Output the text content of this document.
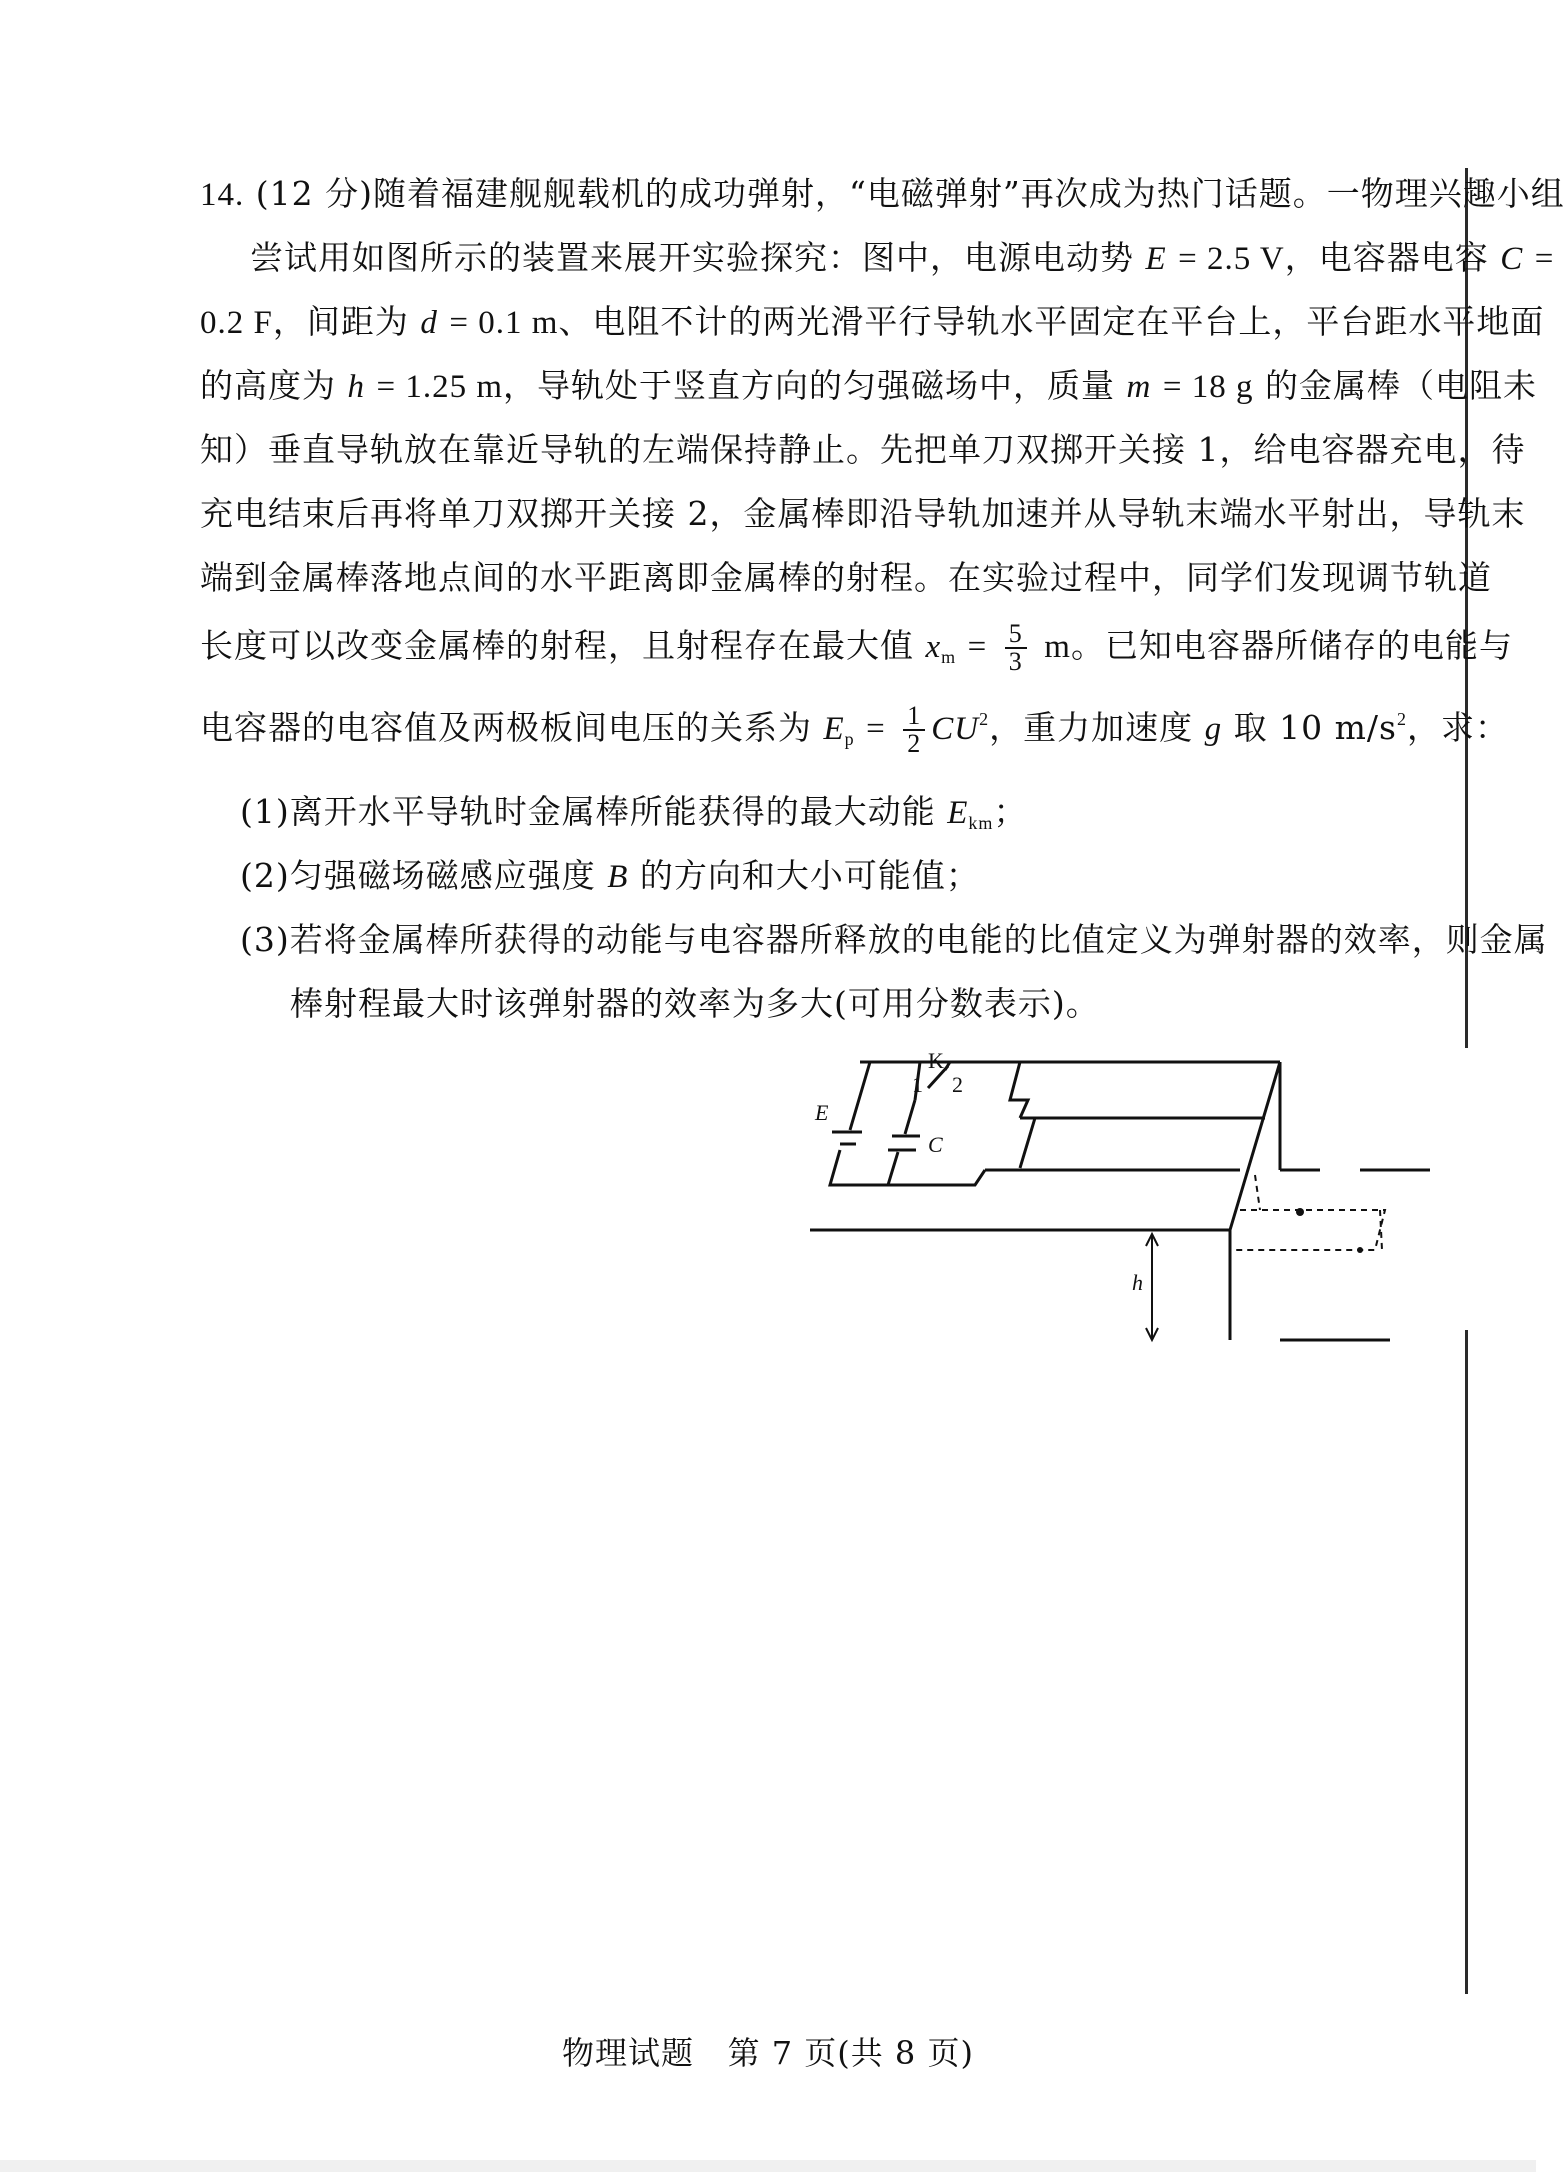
14. (12 分)随着福建舰舰载机的成功弹射，“电磁弹射”再次成为热门话题。一物理兴趣小组
尝试用如图所示的装置来展开实验探究：图中，电源电动势 E = 2.5 V，电容器电容 C =
0.2 F，间距为 d = 0.1 m、电阻不计的两光滑平行导轨水平固定在平台上，平台距水平地面
的高度为 h = 1.25 m，导轨处于竖直方向的匀强磁场中，质量 m = 18 g 的金属棒（电阻未
知）垂直导轨放在靠近导轨的左端保持静止。先把单刀双掷开关接 1，给电容器充电，待
充电结束后再将单刀双掷开关接 2，金属棒即沿导轨加速并从导轨末端水平射出，导轨末
端到金属棒落地点间的水平距离即金属棒的射程。在实验过程中，同学们发现调节轨道
长度可以改变金属棒的射程，且射程存在最大值 $x_m = \frac{5}{3}$ m。已知电容器所储存的电能与
电容器的电容值及两极板间电压的关系为 $E_p = \frac{1}{2} CU^2$，重力加速度 g 取 10 $m/s^2$，求：
(1)离开水平导轨时金属棒所能获得的最大动能 $E_{km}$；
(2)匀强磁场磁感应强度 B 的方向和大小可能值；
(3)若将金属棒所获得的动能与电容器所释放的电能的比值定义为弹射器的效率，则金属
棒射程最大时该弹射器的效率为多大(可用分数表示)。
K
1 2
E
C
h
物理试题 第 7 页(共 8 页)
